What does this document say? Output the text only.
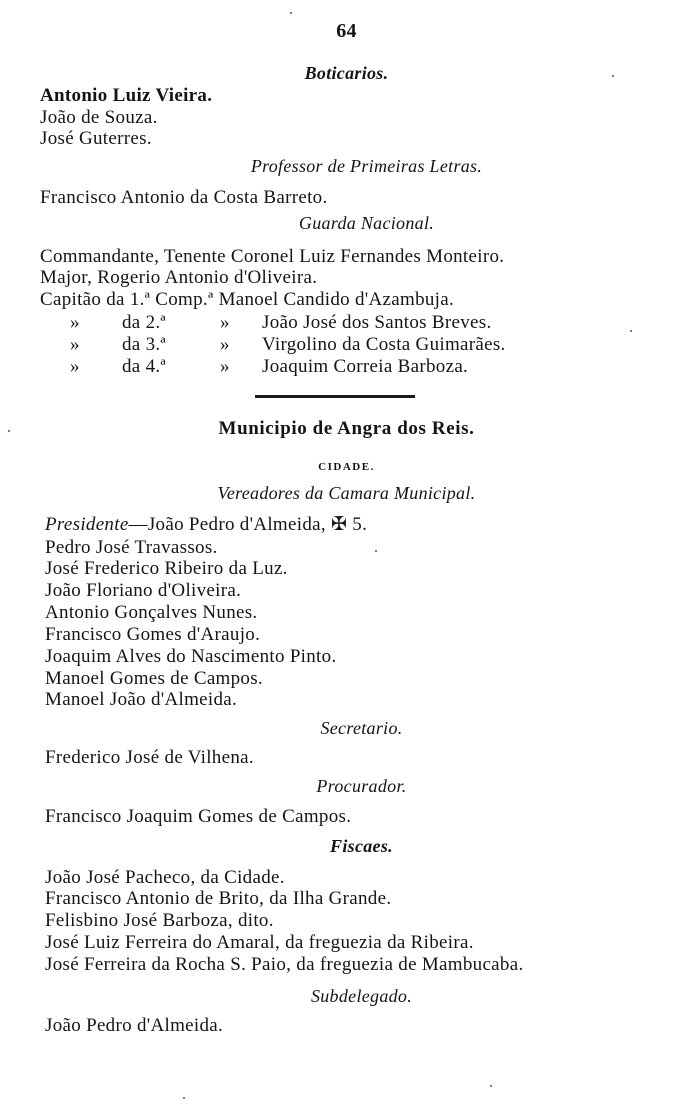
64
Boticarios.
Antonio Luiz Vieira.
João de Souza.
José Guterres.
Professor de Primeiras Letras.
Francisco Antonio da Costa Barreto.
Guarda Nacional.
Commandante, Tenente Coronel Luiz Fernandes Monteiro.
Major, Rogerio Antonio d'Oliveira.
Capitão da 1.ª Comp.ª Manoel Candido d'Azambuja.
» da 2.ª	» João José dos Santos Breves.
» da 3.ª	» Virgolino da Costa Guimarães.
» da 4.ª	» Joaquim Correia Barboza.
Municipio de Angra dos Reis.
CIDADE.
Vereadores da Camara Municipal.
Presidente—João Pedro d'Almeida, ✠ 5.
Pedro José Travassos.
José Frederico Ribeiro da Luz.
João Floriano d'Oliveira.
Antonio Gonçalves Nunes.
Francisco Gomes d'Araujo.
Joaquim Alves do Nascimento Pinto.
Manoel Gomes de Campos.
Manoel João d'Almeida.
Secretario.
Frederico José de Vilhena.
Procurador.
Francisco Joaquim Gomes de Campos.
Fiscaes.
João José Pacheco, da Cidade.
Francisco Antonio de Brito, da Ilha Grande.
Felisbino José Barboza, dito.
José Luiz Ferreira do Amaral, da freguezia da Ribeira.
José Ferreira da Rocha S. Paio, da freguezia de Mambucaba.
Subdelegado.
João Pedro d'Almeida.
